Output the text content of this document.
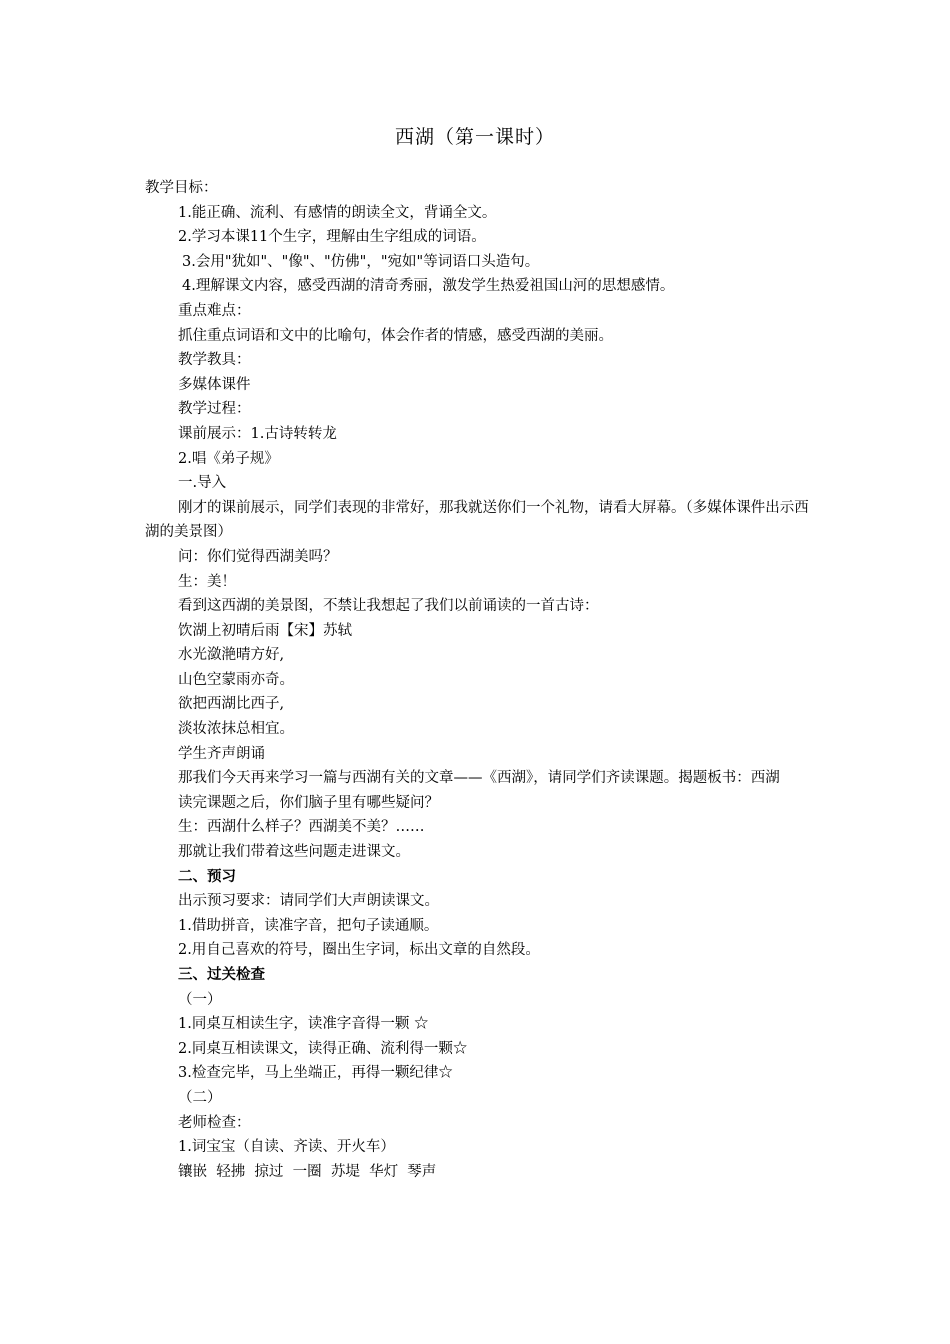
西湖（第一课时）

教学目标：

1.能正确、流利、有感情的朗读全文，背诵全文。

2.学习本课11个生字，理解由生字组成的词语。

3.会用"犹如"、"像"、"仿佛"，"宛如"等词语口头造句。

4.理解课文内容，感受西湖的清奇秀丽，激发学生热爱祖国山河的思想感情。

重点难点：

抓住重点词语和文中的比喻句，体会作者的情感，感受西湖的美丽。

教学教具：

多媒体课件

教学过程：

课前展示：1.古诗转转龙

2.唱《弟子规》

一.导入

刚才的课前展示，同学们表现的非常好，那我就送你们一个礼物，请看大屏幕。（多媒体课件出示西湖的美景图）

问：你们觉得西湖美吗？

生：美！

看到这西湖的美景图，不禁让我想起了我们以前诵读的一首古诗：

饮湖上初晴后雨【宋】苏轼

水光潋滟晴方好,

山色空蒙雨亦奇。

欲把西湖比西子,

淡妆浓抹总相宜。

学生齐声朗诵

那我们今天再来学习一篇与西湖有关的文章——《西湖》，请同学们齐读课题。揭题板书：西湖

读完课题之后，你们脑子里有哪些疑问？

生：西湖什么样子？西湖美不美？……

那就让我们带着这些问题走进课文。

二、预习

出示预习要求：请同学们大声朗读课文。

1.借助拼音，读准字音，把句子读通顺。

2.用自己喜欢的符号，圈出生字词，标出文章的自然段。

三、过关检查

（一）

1.同桌互相读生字，读准字音得一颗 ☆

2.同桌互相读课文，读得正确、流利得一颗☆

3.检查完毕，马上坐端正，再得一颗纪律☆

（二）

老师检查：

1.词宝宝（自读、齐读、开火车）

镶嵌  轻拂  掠过  一圈  苏堤  华灯  琴声
